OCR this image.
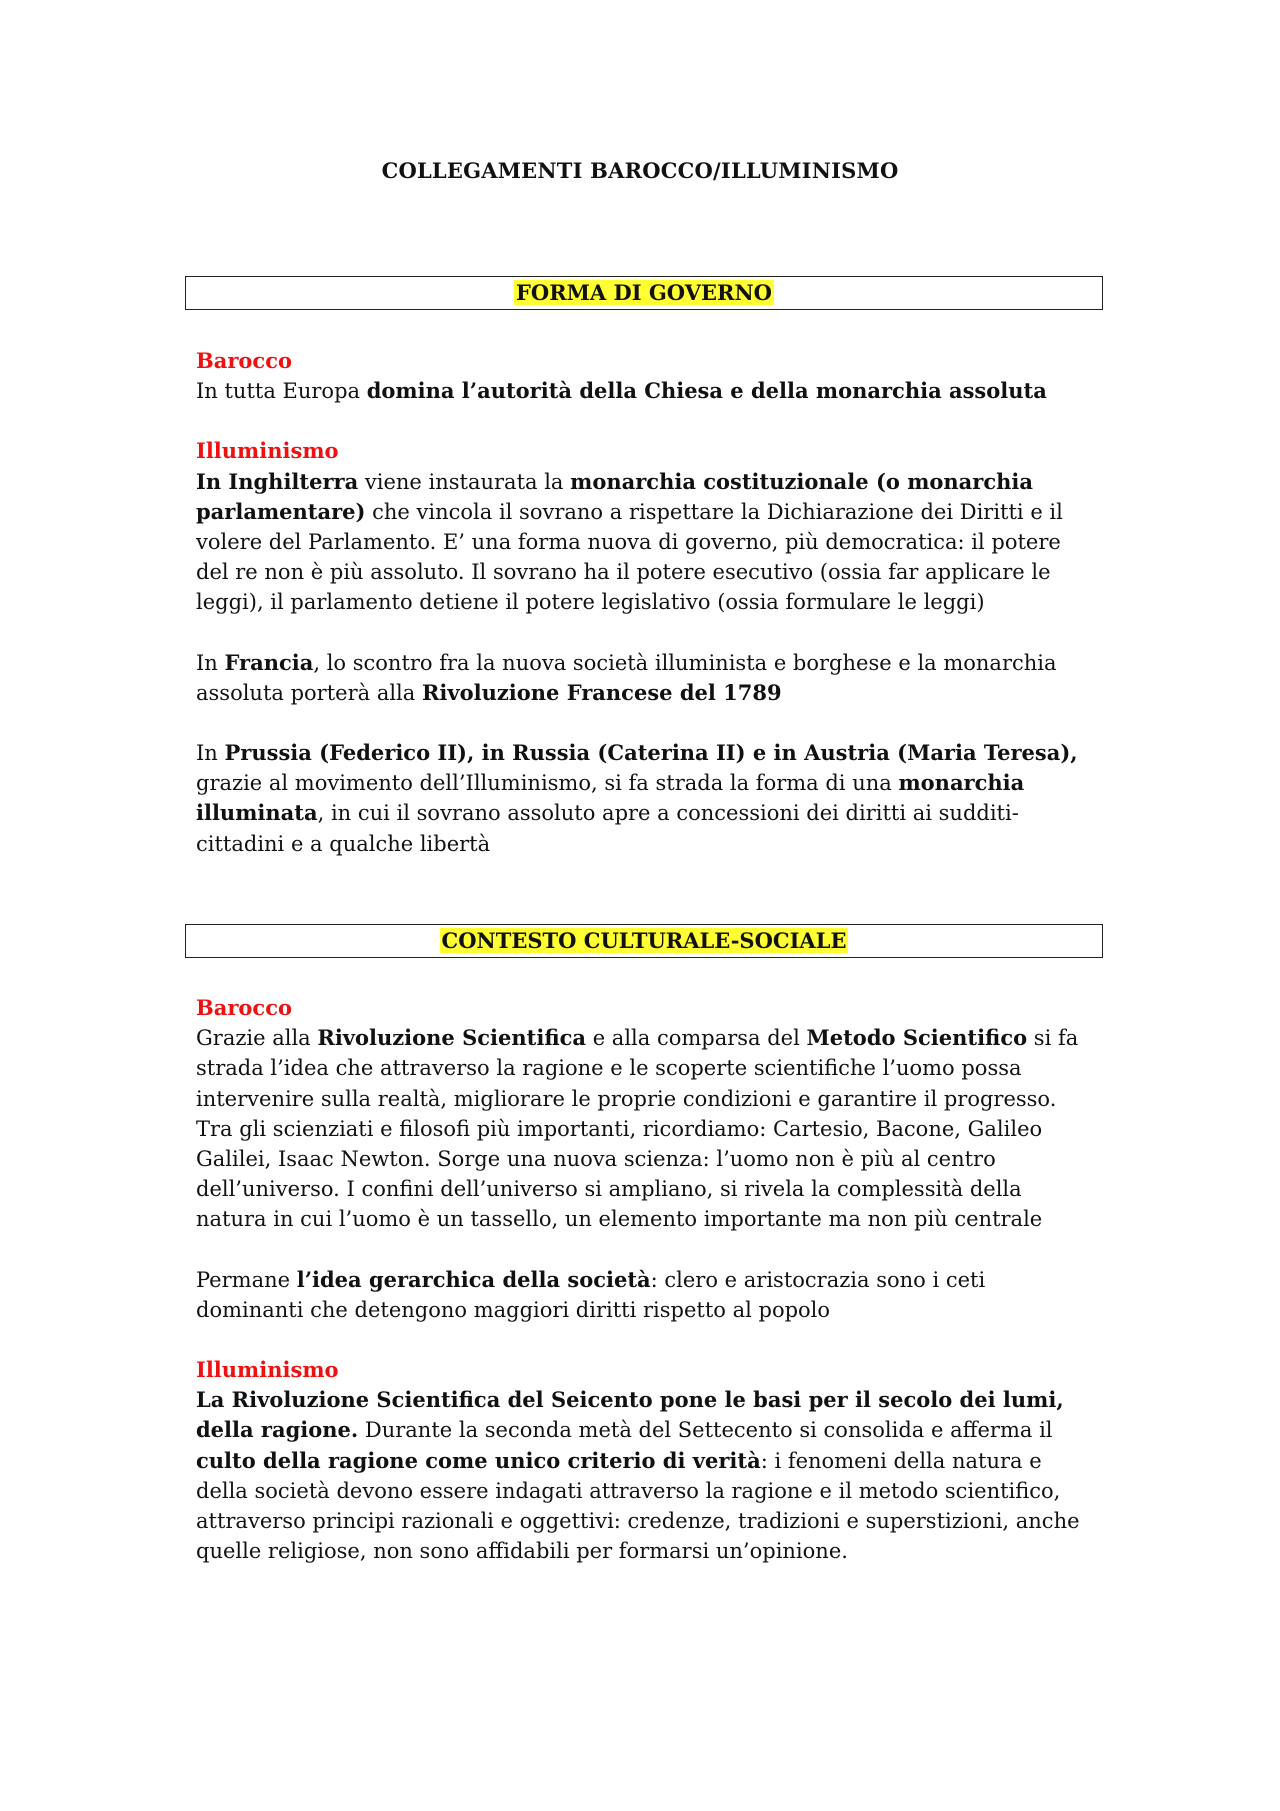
COLLEGAMENTI BAROCCO/ILLUMINISMO
FORMA DI GOVERNO

Barocco

In tutta Europa domina l’autorità della Chiesa e della monarchia assoluta

Illuminismo

In Inghilterra viene instaurata la monarchia costituzionale (o monarchia parlamentare) che vincola il sovrano a rispettare la Dichiarazione dei Diritti e il volere del Parlamento. E’ una forma nuova di governo, più democratica: il potere del re non è più assoluto. Il sovrano ha il potere esecutivo (ossia far applicare le leggi), il parlamento detiene il potere legislativo (ossia formulare le leggi)

In Francia, lo scontro fra la nuova società illuminista e borghese e la monarchia assoluta porterà alla Rivoluzione Francese del 1789

In Prussia (Federico II), in Russia (Caterina II) e in Austria (Maria Teresa), grazie al movimento dell’Illuminismo, si fa strada la forma di una monarchia illuminata, in cui il sovrano assoluto apre a concessioni dei diritti ai sudditi-cittadini e a qualche libertà

CONTESTO CULTURALE-SOCIALE

Barocco

Grazie alla Rivoluzione Scientifica e alla comparsa del Metodo Scientifico si fa strada l’idea che attraverso la ragione e le scoperte scientifiche l’uomo possa intervenire sulla realtà, migliorare le proprie condizioni e garantire il progresso. Tra gli scienziati e filosofi più importanti, ricordiamo: Cartesio, Bacone, Galileo Galilei, Isaac Newton. Sorge una nuova scienza: l’uomo non è più al centro dell’universo. I confini dell’universo si ampliano, si rivela la complessità della natura in cui l’uomo è un tassello, un elemento importante ma non più centrale

Permane l’idea gerarchica della società: clero e aristocrazia sono i ceti dominanti che detengono maggiori diritti rispetto al popolo

Illuminismo

La Rivoluzione Scientifica del Seicento pone le basi per il secolo dei lumi, della ragione. Durante la seconda metà del Settecento si consolida e afferma il culto della ragione come unico criterio di verità: i fenomeni della natura e della società devono essere indagati attraverso la ragione e il metodo scientifico, attraverso principi razionali e oggettivi: credenze, tradizioni e superstizioni, anche quelle religiose, non sono affidabili per formarsi un’opinione.
